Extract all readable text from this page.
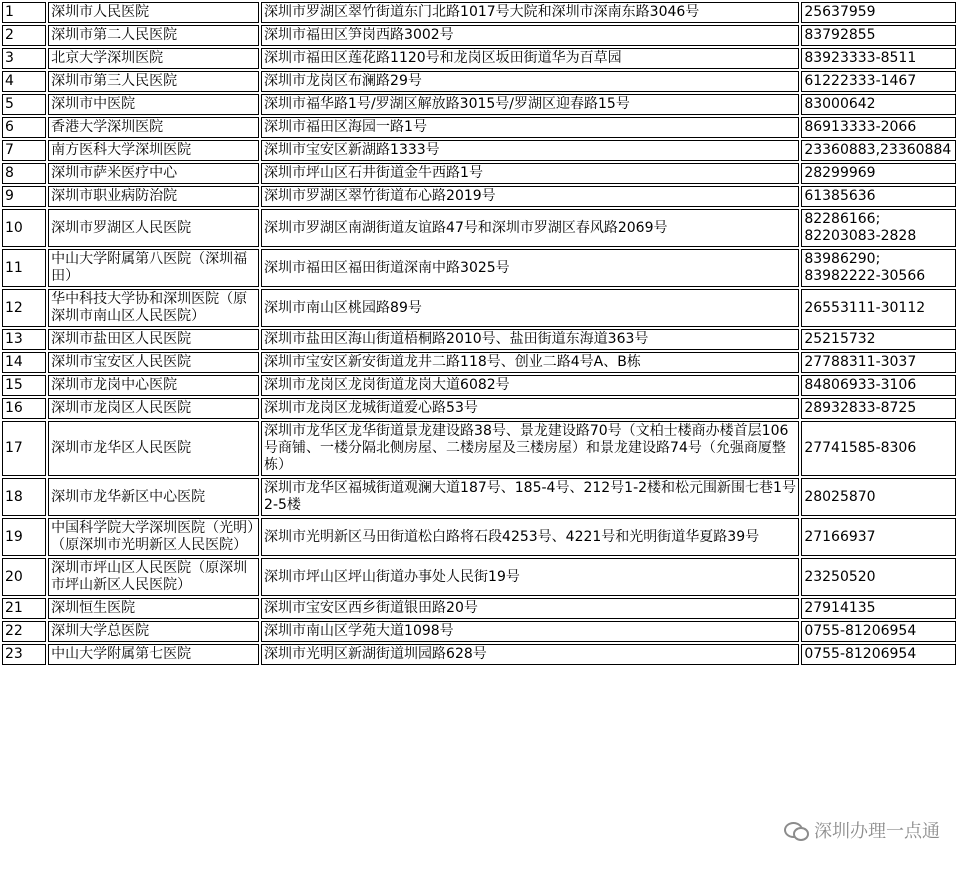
1	深圳市人民医院	深圳市罗湖区翠竹街道东门北路1017号大院和深圳市深南东路3046号	25637959
2	深圳市第二人民医院	深圳市福田区笋岗西路3002号	83792855
3	北京大学深圳医院	深圳市福田区莲花路1120号和龙岗区坂田街道华为百草园	83923333-8511
4	深圳市第三人民医院	深圳市龙岗区布澜路29号	61222333-1467
5	深圳市中医院	深圳市福华路1号/罗湖区解放路3015号/罗湖区迎春路15号	83000642
6	香港大学深圳医院	深圳市福田区海园一路1号	86913333-2066
7	南方医科大学深圳医院	深圳市宝安区新湖路1333号	23360883,23360884
8	深圳市萨米医疗中心	深圳市坪山区石井街道金牛西路1号	28299969
9	深圳市职业病防治院	深圳市罗湖区翠竹街道布心路2019号	61385636
10	深圳市罗湖区人民医院	深圳市罗湖区南湖街道友谊路47号和深圳市罗湖区春风路2069号	82286166;
82203083-2828
11	中山大学附属第八医院（深圳福田）	深圳市福田区福田街道深南中路3025号	83986290;
83982222-30566
12	华中科技大学协和深圳医院（原深圳市南山区人民医院）	深圳市南山区桃园路89号	26553111-30112
13	深圳市盐田区人民医院	深圳市盐田区海山街道梧桐路2010号、盐田街道东海道363号	25215732
14	深圳市宝安区人民医院	深圳市宝安区新安街道龙井二路118号、创业二路4号A、B栋	27788311-3037
15	深圳市龙岗中心医院	深圳市龙岗区龙岗街道龙岗大道6082号	84806933-3106
16	深圳市龙岗区人民医院	深圳市龙岗区龙城街道爱心路53号	28932833-8725
17	深圳市龙华区人民医院	深圳市龙华区龙华街道景龙建设路38号、景龙建设路70号（文柏士楼商办楼首层106号商铺、一楼分隔北侧房屋、二楼房屋及三楼房屋）和景龙建设路74号（允强商厦整栋）	27741585-8306
18	深圳市龙华新区中心医院	深圳市龙华区福城街道观澜大道187号、185-4号、212号1-2楼和松元围新围七巷1号2-5楼	28025870
19	中国科学院大学深圳医院（光明）（原深圳市光明新区人民医院）	深圳市光明新区马田街道松白路将石段4253号、4221号和光明街道华夏路39号	27166937
20	深圳市坪山区人民医院（原深圳市坪山新区人民医院）	深圳市坪山区坪山街道办事处人民街19号	23250520
21	深圳恒生医院	深圳市宝安区西乡街道银田路20号	27914135
22	深圳大学总医院	深圳市南山区学苑大道1098号	0755-81206954
23	中山大学附属第七医院	深圳市光明区新湖街道圳园路628号	0755-81206954
深圳办理一点通
